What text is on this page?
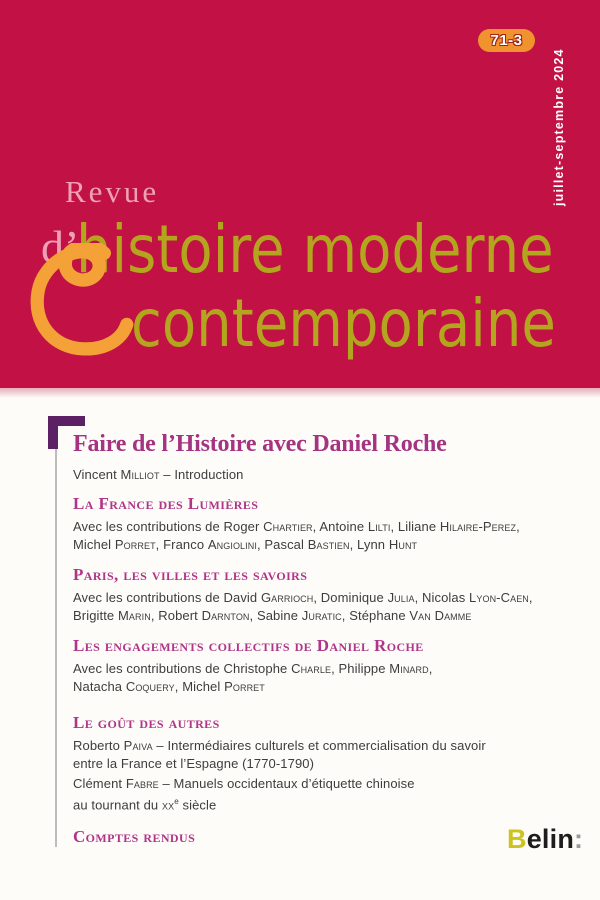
71-3
juillet-septembre 2024
Revue
d’
histoire moderne
contemporaine
Faire de l’Histoire avec Daniel Roche
Vincent Milliot – Introduction
La France des Lumières
Avec les contributions de Roger Chartier, Antoine Lilti, Liliane Hilaire-Perez,
Michel Porret, Franco Angiolini, Pascal Bastien, Lynn Hunt
Paris, les villes et les savoirs
Avec les contributions de David Garrioch, Dominique Julia, Nicolas Lyon-Caen,
Brigitte Marin, Robert Darnton, Sabine Juratic, Stéphane Van Damme
Les engagements collectifs de Daniel Roche
Avec les contributions de Christophe Charle, Philippe Minard,
Natacha Coquery, Michel Porret
Le goût des autres
Roberto Paiva – Intermédiaires culturels et commercialisation du savoir
entre la France et l’Espagne (1770-1790)
Clément Fabre – Manuels occidentaux d’étiquette chinoise
au tournant du $xx^e$ siècle
Comptes rendus	Belin:
